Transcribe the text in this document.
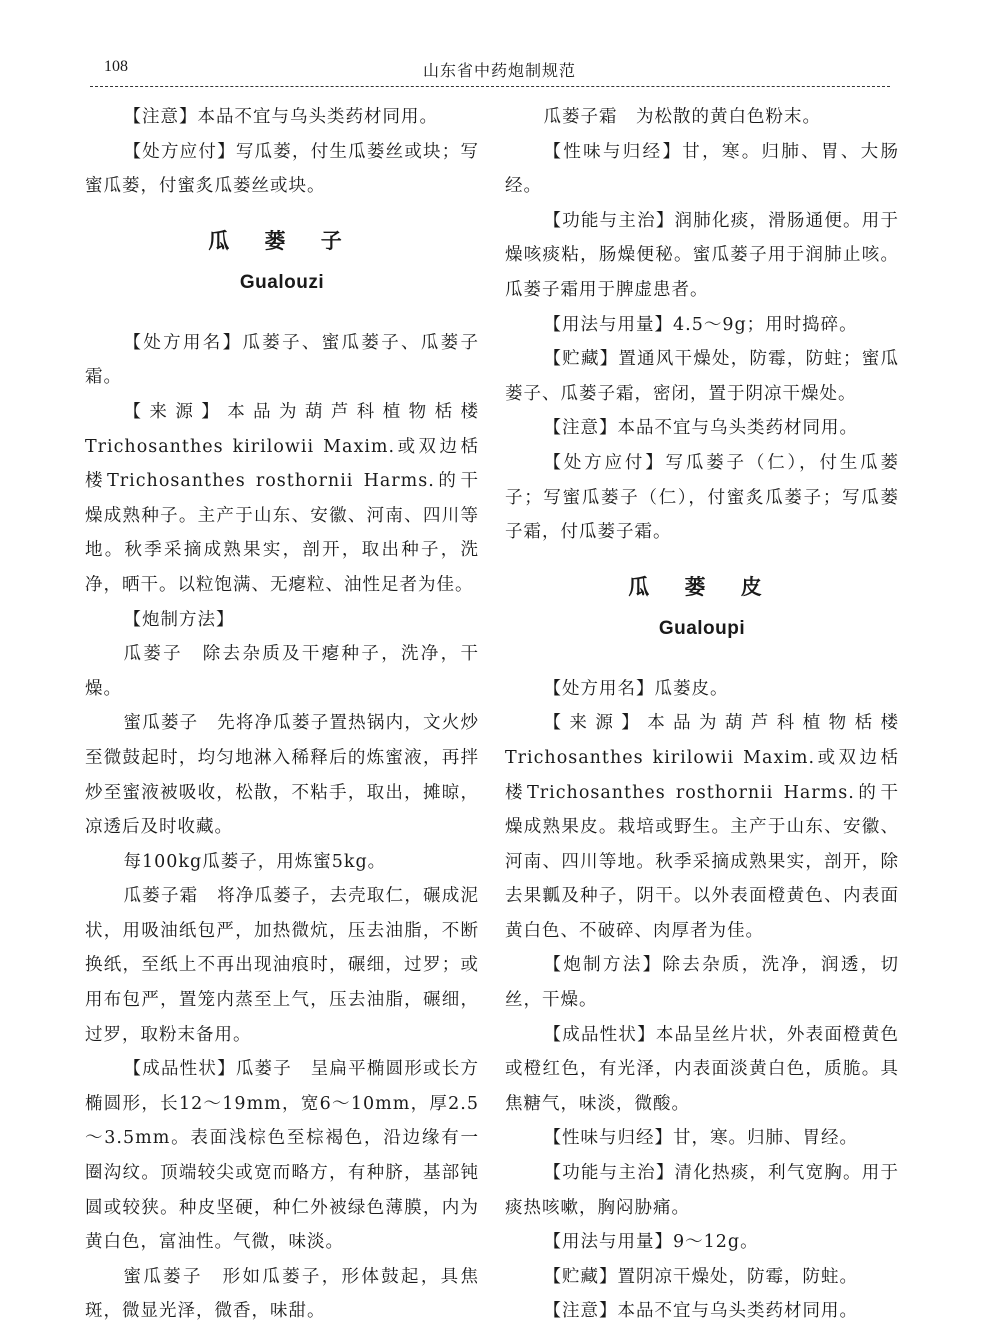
108	山东省中药炮制规范

【注意】本品不宜与乌头类药材同用。

【处方应付】写瓜蒌，付生瓜蒌丝或块；写蜜瓜蒌，付蜜炙瓜蒌丝或块。

瓜 蒌 子
Gualouzi

【处方用名】瓜蒌子、蜜瓜蒌子、瓜蒌子霜。

【来源】本品为葫芦科植物栝楼Trichosanthes kirilowii Maxim.或双边栝楼Trichosanthes rosthornii Harms.的干燥成熟种子。主产于山东、安徽、河南、四川等地。秋季采摘成熟果实，剖开，取出种子，洗净，晒干。以粒饱满、无瘪粒、油性足者为佳。

【炮制方法】

瓜蒌子　除去杂质及干瘪种子，洗净，干燥。

蜜瓜蒌子　先将净瓜蒌子置热锅内，文火炒至微鼓起时，均匀地淋入稀释后的炼蜜液，再拌炒至蜜液被吸收，松散，不粘手，取出，摊晾，凉透后及时收藏。

每100kg瓜蒌子，用炼蜜5kg。

瓜蒌子霜　将净瓜蒌子，去壳取仁，碾成泥状，用吸油纸包严，加热微炕，压去油脂，不断换纸，至纸上不再出现油痕时，碾细，过罗；或用布包严，置笼内蒸至上气，压去油脂，碾细，过罗，取粉末备用。

【成品性状】瓜蒌子　呈扁平椭圆形或长方椭圆形，长12～19mm，宽6～10mm，厚2.5～3.5mm。表面浅棕色至棕褐色，沿边缘有一圈沟纹。顶端较尖或宽而略方，有种脐，基部钝圆或较狭。种皮坚硬，种仁外被绿色薄膜，内为黄白色，富油性。气微，味淡。

蜜瓜蒌子　形如瓜蒌子，形体鼓起，具焦斑，微显光泽，微香，味甜。

瓜蒌子霜　为松散的黄白色粉末。

【性味与归经】甘，寒。归肺、胃、大肠经。

【功能与主治】润肺化痰，滑肠通便。用于燥咳痰粘，肠燥便秘。蜜瓜蒌子用于润肺止咳。瓜蒌子霜用于脾虚患者。

【用法与用量】4.5～9g；用时捣碎。

【贮藏】置通风干燥处，防霉，防蛀；蜜瓜蒌子、瓜蒌子霜，密闭，置于阴凉干燥处。

【注意】本品不宜与乌头类药材同用。

【处方应付】写瓜蒌子（仁），付生瓜蒌子；写蜜瓜蒌子（仁），付蜜炙瓜蒌子；写瓜蒌子霜，付瓜蒌子霜。

瓜 蒌 皮
Gualoupi

【处方用名】瓜蒌皮。

【来源】本品为葫芦科植物栝楼Trichosanthes kirilowii Maxim.或双边栝楼Trichosanthes rosthornii Harms.的干燥成熟果皮。栽培或野生。主产于山东、安徽、河南、四川等地。秋季采摘成熟果实，剖开，除去果瓤及种子，阴干。以外表面橙黄色、内表面黄白色、不破碎、肉厚者为佳。

【炮制方法】除去杂质，洗净，润透，切丝，干燥。

【成品性状】本品呈丝片状，外表面橙黄色或橙红色，有光泽，内表面淡黄白色，质脆。具焦糖气，味淡，微酸。

【性味与归经】甘，寒。归肺、胃经。

【功能与主治】清化热痰，利气宽胸。用于痰热咳嗽，胸闷胁痛。

【用法与用量】9～12g。

【贮藏】置阴凉干燥处，防霉，防蛀。

【注意】本品不宜与乌头类药材同用。
